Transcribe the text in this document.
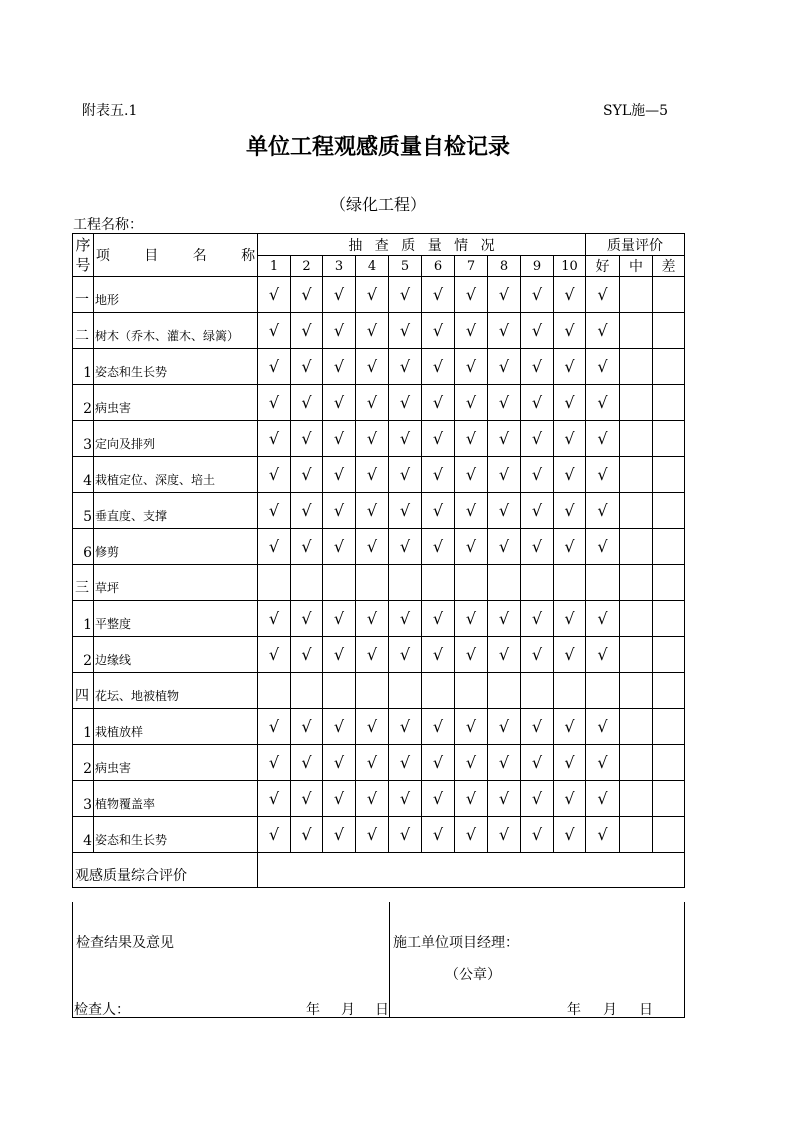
附表五.1	SYL施—5
单位工程观感质量自检记录
（绿化工程）
工程名称：
序号	项 目 名 称	抽 查 质 量 情 况										质量评价		
		1	2	3	4	5	6	7	8	9	10	好	中	差
一	地形	√	√	√	√	√	√	√	√	√	√	√		
二	树木（乔木、灌木、绿篱）	√	√	√	√	√	√	√	√	√	√	√		
1	姿态和生长势	√	√	√	√	√	√	√	√	√	√	√		
2	病虫害	√	√	√	√	√	√	√	√	√	√	√		
3	定向及排列	√	√	√	√	√	√	√	√	√	√	√		
4	栽植定位、深度、培土	√	√	√	√	√	√	√	√	√	√	√		
5	垂直度、支撑	√	√	√	√	√	√	√	√	√	√	√		
6	修剪	√	√	√	√	√	√	√	√	√	√	√		
三	草坪													
1	平整度	√	√	√	√	√	√	√	√	√	√	√		
2	边缘线	√	√	√	√	√	√	√	√	√	√	√		
四	花坛、地被植物													
1	栽植放样	√	√	√	√	√	√	√	√	√	√	√		
2	病虫害	√	√	√	√	√	√	√	√	√	√	√		
3	植物覆盖率	√	√	√	√	√	√	√	√	√	√	√		
4	姿态和生长势	√	√	√	√	√	√	√	√	√	√	√		
观感质量综合评价														
检查结果及意见	施工单位项目经理：
（公章）
检查人：	年 月 日	年 月 日
